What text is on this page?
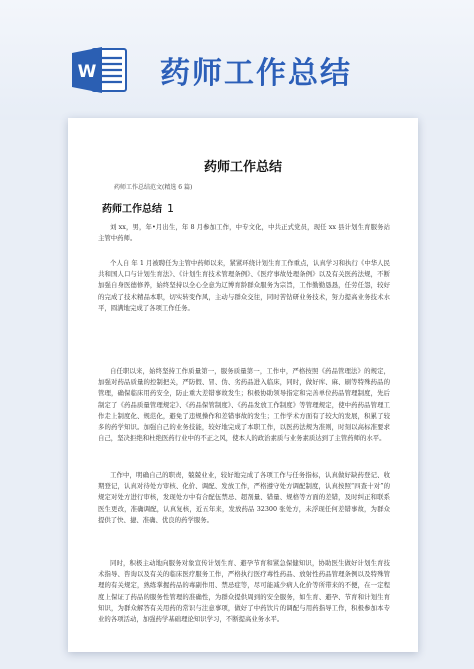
W 药师工作总结
药师工作总结
药师工作总结范文(精选 6 篇)
药师工作总结 1

刘 xx，男，年•月出生，年 8 月参加工作，中专文化，中共正式党员，现任 xx 县计划生育服务站主管中药师。

个人自 年 1 月被聘任为主管中药师以来，紧紧环绕计划生育工作重点，认真学习和执行《中华人民共和国人口与计划生育法》、《计划生育技术管理条例》、《医疗事故处理条例》以及有关医药法规，不断加强自身医德修养，始终坚持以全心全意为辽博育龄群众服务为宗旨，工作勤勤恳恳，任劳任怨，较好的完成了技术精品本职，切实转变作风，主动与群众交往，同时苦钻研业务技术，努力提高业务技术水平，圆满地完成了各项工作任务。

自任职以来，始终坚持工作质量第一，服务质量第一，工作中，严格按照《药品管理法》的规定，加强对药品质量的控制把关，严防假、冒、伪、劣药品进入临床，同时，做好库、麻、刷等特殊药品的管理，确保临床用药安全，防止重大差错事故发生；积极协助领导指定和完善单位药品管理制度，先后制定了《药品质量管理规定》、《药品保管制度》、《药品发放工作制度》等管理规定，使中药药品管理工作走上制度化、规范化，避免了违规操作和差错事故的发生；工作学术方面有了较大的发展，积累了较多的药学知识。加强自己的业务技能，较好地完成了本职工作，以医药法规为准则，时刻以高标准要求自己，坚决拒绝和杜绝医药行业中的不正之风，使本人的政治素质与业务素质达到了主管药师的水平。

工作中，明确自己的职责，兢兢业业，较好地完成了各项工作与任务指标，认真做好缺药登记、收期登记，认真对待处方审核、化价、调配、发放工作，严格遵守处方调配制度，认真按照“四查十对”的规定对处方进行审核，发现处方中有合配伍禁忌、超剂量、错量、规格等方面的差错，及时纠正和联系医生更改，准确调配，认真复核，近五年来，发放药品 32300 张处方，未浮现任何差错事故，为群众提供了快、捷、准确、优良的药学服务。

同时，积极主动地向服务对象宣传计划生育、避孕节育和紧急保健知识，协助医生做好计划生育技术指导、咨询以及有关的临床医疗服务工作，严格执行医疗毒性药品、放射性药品管理条例以及特殊管理的有关规定，熟练掌握药品的毒副作用、禁忌症等，尽可能减少病人化价等所带来的不便，在一定程度上保证了药品的服务性管理的准确性，为群众提供周到的安全服务，如生育、避孕、节育和计划生育知识，为群众解答有关用药的常识与注意事项，做好了中药饮片的调配与用药指导工作，积极参加本专业的各项活动，加强药学基础理论知识学习，不断提高业务水平。
